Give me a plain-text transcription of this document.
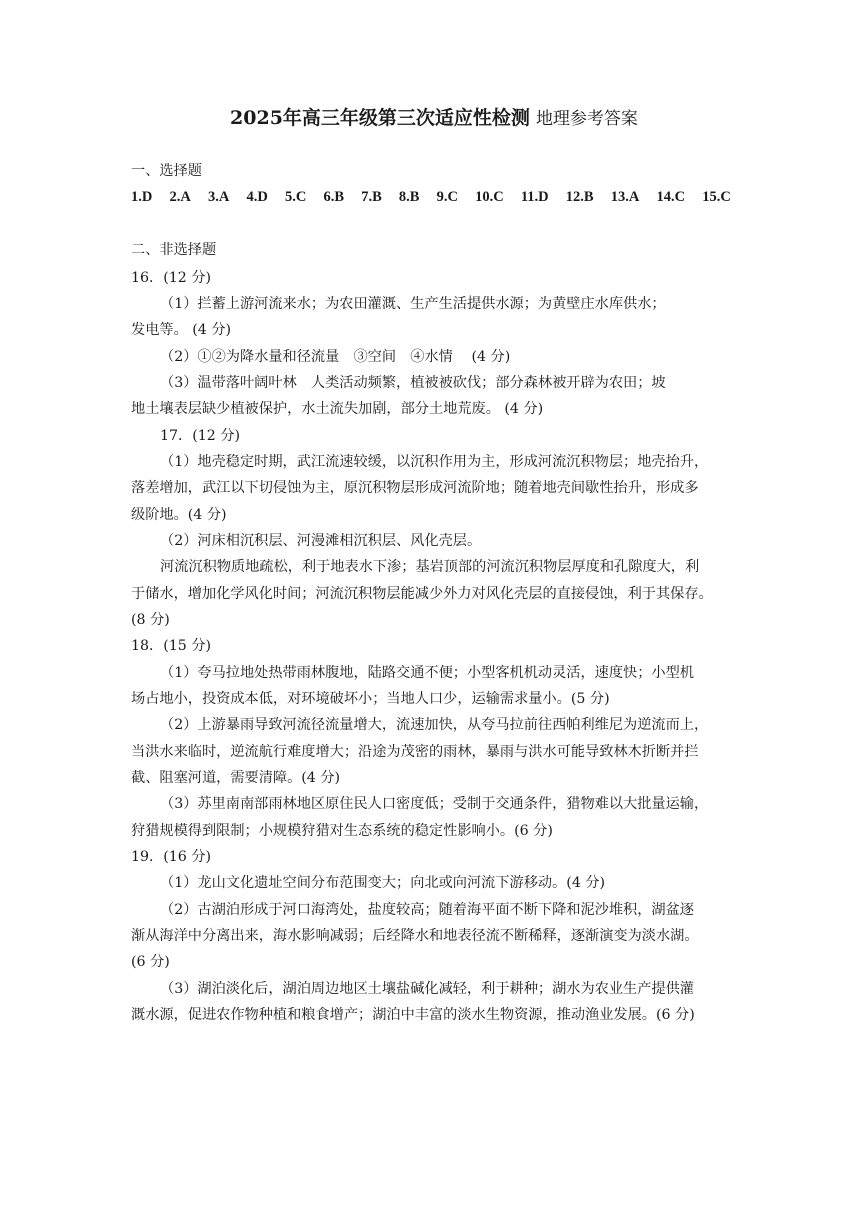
2025年高三年级第三次适应性检测 地理参考答案
一、选择题
1.D 2.A 3.A 4.D 5.C 6.B 7.B 8.B 9.C 10.C 11.D 12.B 13.A 14.C 15.C
二、非选择题
16．(12 分)
（1）拦蓄上游河流来水；为农田灌溉、生产生活提供水源；为黄壁庄水库供水；
发电等。 (4 分)
（2）①②为降水量和径流量　③空间　④水情　 (4 分)
（3）温带落叶阔叶林　人类活动频繁，植被被砍伐；部分森林被开辟为农田；坡
地土壤表层缺少植被保护，水土流失加剧，部分土地荒废。 (4 分)
17．(12 分)
（1）地壳稳定时期，武江流速较缓，以沉积作用为主，形成河流沉积物层；地壳抬升，
落差增加，武江以下切侵蚀为主，原沉积物层形成河流阶地；随着地壳间歇性抬升，形成多
级阶地。(4 分)
（2）河床相沉积层、河漫滩相沉积层、风化壳层。
河流沉积物质地疏松，利于地表水下渗；基岩顶部的河流沉积物层厚度和孔隙度大，利
于储水，增加化学风化时间；河流沉积物层能减少外力对风化壳层的直接侵蚀，利于其保存。
(8 分)
18．(15 分)
（1）夸马拉地处热带雨林腹地，陆路交通不便；小型客机机动灵活，速度快；小型机
场占地小，投资成本低，对环境破坏小；当地人口少，运输需求量小。(5 分)
（2）上游暴雨导致河流径流量增大，流速加快，从夸马拉前往西帕利维尼为逆流而上，
当洪水来临时，逆流航行难度增大；沿途为茂密的雨林，暴雨与洪水可能导致林木折断并拦
截、阻塞河道，需要清障。(4 分)
（3）苏里南南部雨林地区原住民人口密度低；受制于交通条件，猎物难以大批量运输，
狩猎规模得到限制；小规模狩猎对生态系统的稳定性影响小。(6 分)
19．(16 分)
（1）龙山文化遗址空间分布范围变大；向北或向河流下游移动。(4 分)
（2）古湖泊形成于河口海湾处，盐度较高；随着海平面不断下降和泥沙堆积，湖盆逐
渐从海洋中分离出来，海水影响减弱；后经降水和地表径流不断稀释，逐渐演变为淡水湖。
(6 分)
（3）湖泊淡化后，湖泊周边地区土壤盐碱化减轻，利于耕种；湖水为农业生产提供灌
溉水源，促进农作物种植和粮食增产；湖泊中丰富的淡水生物资源，推动渔业发展。(6 分)
